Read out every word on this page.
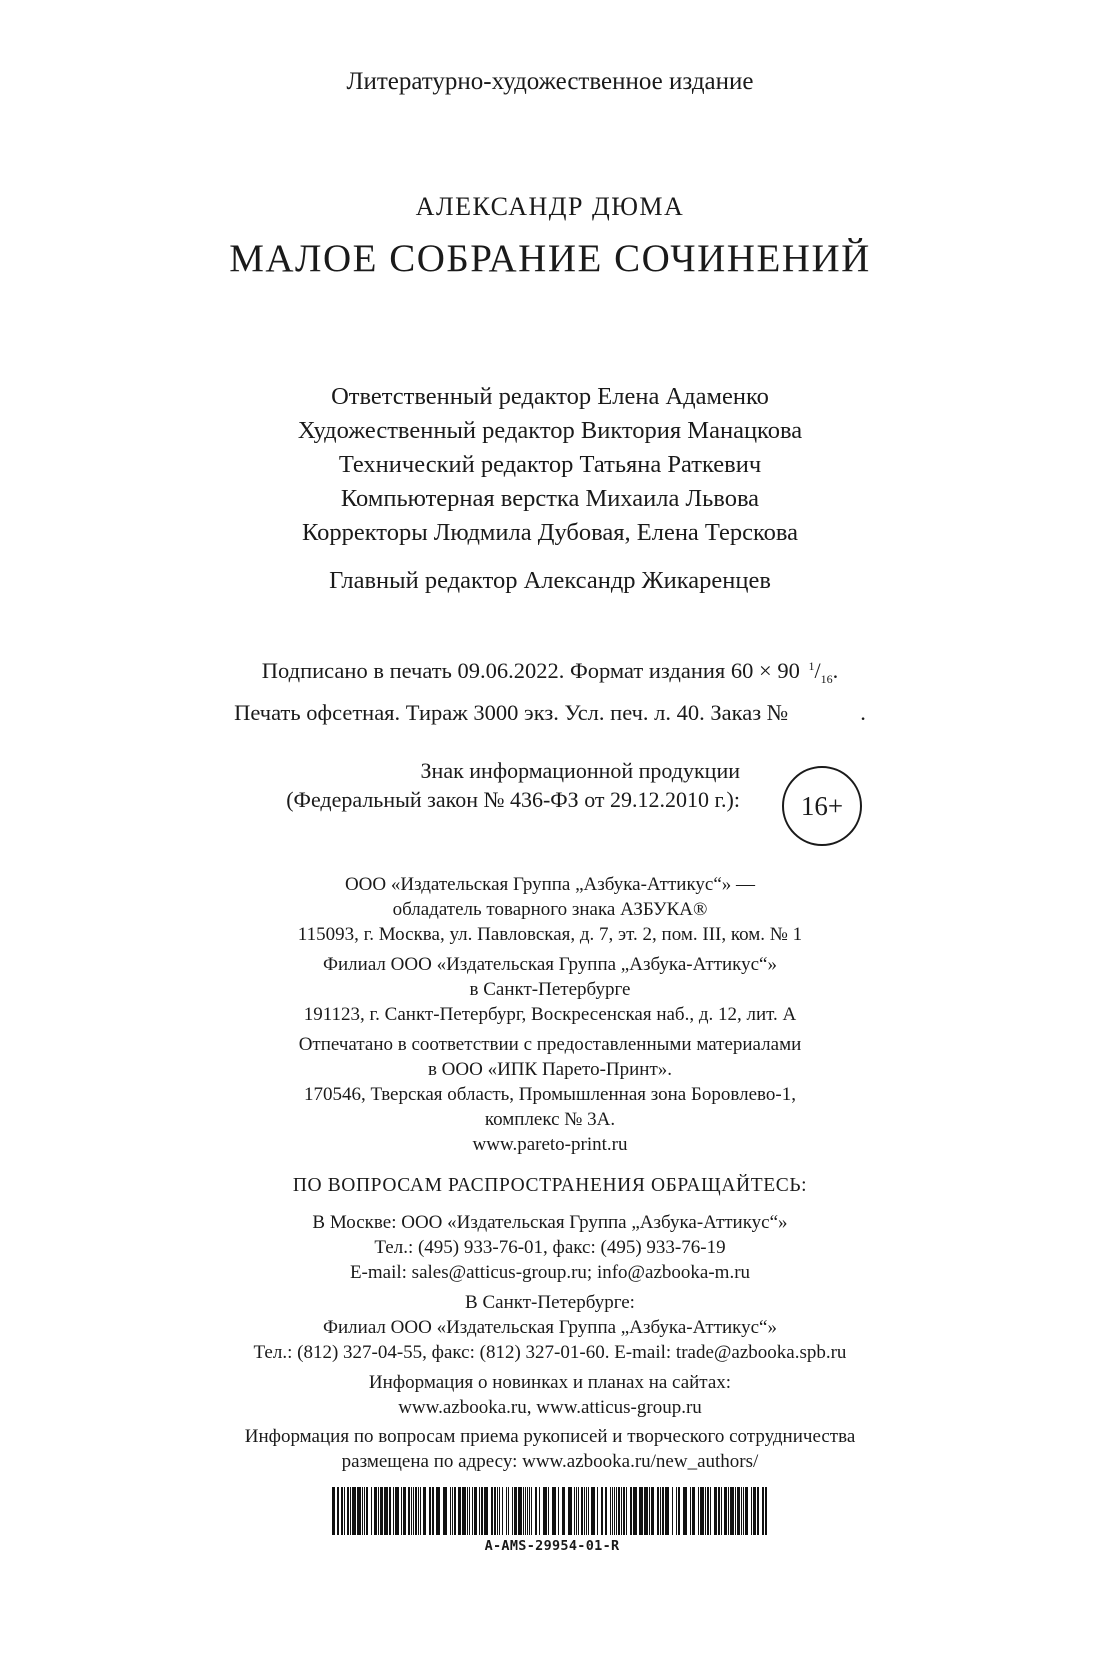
Литературно-художественное издание
АЛЕКСАНДР ДЮМА
МАЛОЕ СОБРАНИЕ СОЧИНЕНИЙ
Ответственный редактор Елена Адаменко
Художественный редактор Виктория Манацкова
Технический редактор Татьяна Раткевич
Компьютерная верстка Михаила Львова
Корректоры Людмила Дубовая, Елена Терскова
Главный редактор Александр Жикаренцев
Подписано в печать 09.06.2022. Формат издания 60 × 90 $^1/_{16}$.
Печать офсетная. Тираж 3000 экз. Усл. печ. л. 40. Заказ №	.
Знак информационной продукции
(Федеральный закон № 436-ФЗ от 29.12.2010 г.):	16+
ООО «Издательская Группа „Азбука-Аттикус“» —
обладатель товарного знака АЗБУКА®
115093, г. Москва, ул. Павловская, д. 7, эт. 2, пом. III, ком. № 1
Филиал ООО «Издательская Группа „Азбука-Аттикус“»
в Санкт-Петербурге
191123, г. Санкт-Петербург, Воскресенская наб., д. 12, лит. А
Отпечатано в соответствии с предоставленными материалами
в ООО «ИПК Парето-Принт».
170546, Тверская область, Промышленная зона Боровлево-1,
комплекс № 3А.
www.pareto-print.ru
ПО ВОПРОСАМ РАСПРОСТРАНЕНИЯ ОБРАЩАЙТЕСЬ:
В Москве: ООО «Издательская Группа „Азбука-Аттикус“»
Тел.: (495) 933-76-01, факс: (495) 933-76-19
E-mail: sales@atticus-group.ru; info@azbooka-m.ru
В Санкт-Петербурге:
Филиал ООО «Издательская Группа „Азбука-Аттикус“»
Тел.: (812) 327-04-55, факс: (812) 327-01-60. E-mail: trade@azbooka.spb.ru
Информация о новинках и планах на сайтах:
www.azbooka.ru, www.atticus-group.ru
Информация по вопросам приема рукописей и творческого сотрудничества
размещена по адресу: www.azbooka.ru/new_authors/
A-AMS-29954-01-R
